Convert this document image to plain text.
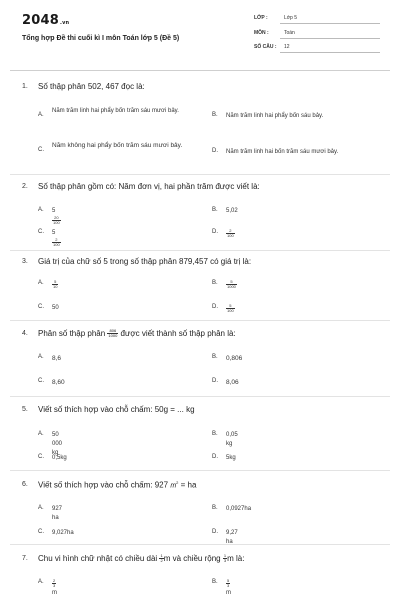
2048.vn
Tổng hợp Đề thi cuối kì I môn Toán lớp 5 (Đề 5)
LỚP :	Lớp 5
MÔN :	Toán
SỐ CÂU : 12
1. Số thập phân 502, 467 đọc là:
A.
Năm trăm linh hai phẩy bốn trăm sáu mươi bảy.
B. Năm trăm linh hai phẩy bốn sáu bảy.
C.
Năm không hai phẩy bốn trăm sáu mươi bảy.
D. Năm trăm linh hai bốn trăm sáu mươi bảy.
2. Số thập phân gồm có: Năm đơn vị, hai phần trăm được viết là:
A. 5
$\frac{20}{100}$
B. 5,02
C. 5
$\frac{2}{100}$
D. $\frac{2}{100}$
3. Giá trị của chữ số 5 trong số thập phân 879,457 có giá trị là:
A. $\frac{5}{10}$	B. $\frac{5}{1000}$
C. 50	D. $\frac{5}{100}$
4. Phân số thập phân $\frac{806}{1000}$ được viết thành số thập phân là:
A. 8,6	B. 0,806
C. 8,60	D. 8,06
5. Viết số thích hợp vào chỗ chấm: 50g = ... kg
A. 50 000 kg
B. 0,05 kg
C. 0,5kg	D. 5kg
6. Viết số thích hợp vào chỗ chấm: 927 $m^2$ = ha
A. 927 ha
B. 0,0927ha
C. 9,027ha	D. 9,27 ha
7. Chu vi hình chữ nhật có chiều dài $\frac{1}{2}$ m và chiều rộng $\frac{1}{3}$ m là:
A. $\frac{2}{3}$
m
B. $\frac{5}{3}$
m
